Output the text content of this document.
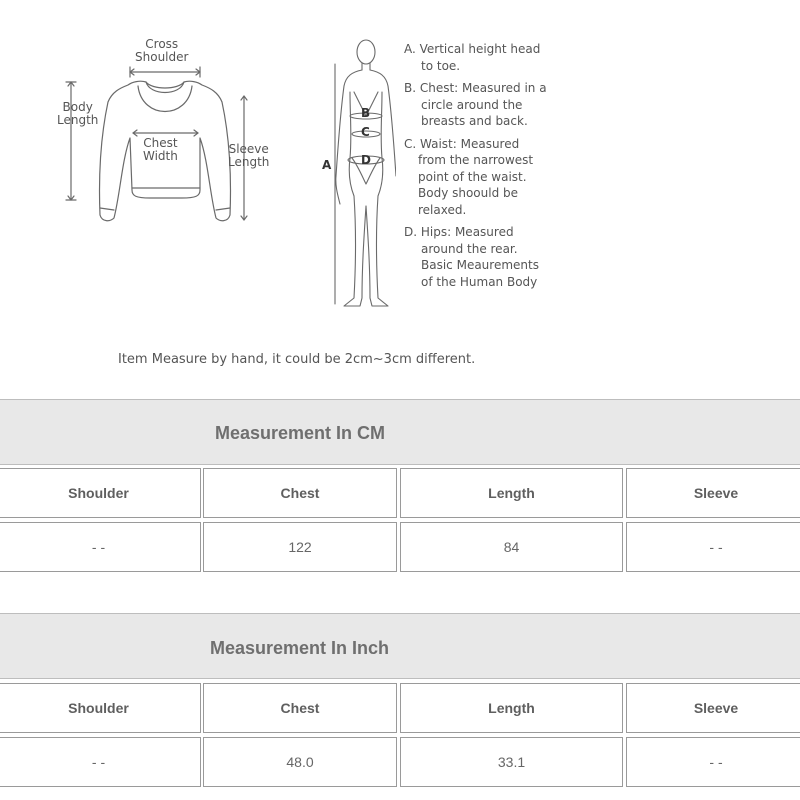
Cross
Shoulder
Body
Length
Chest
Width	Sleeve
Length	A
B
C
D
A. Vertical height head
to toe.
B. Chest: Measured in a
circle around the
breasts and back.
C. Waist: Measured
from the narrowest
point of the waist.
Body shoould be
relaxed.
D. Hips: Measured
around the rear.
Basic Meaurements
of the Human Body
Item Measure by hand, it could be 2cm~3cm different.
Measurement In CM
Shoulder	Chest	Length	Sleeve
- -	122	84	- -
Measurement In Inch
Shoulder	Chest	Length	Sleeve
- -	48.0	33.1	- -
